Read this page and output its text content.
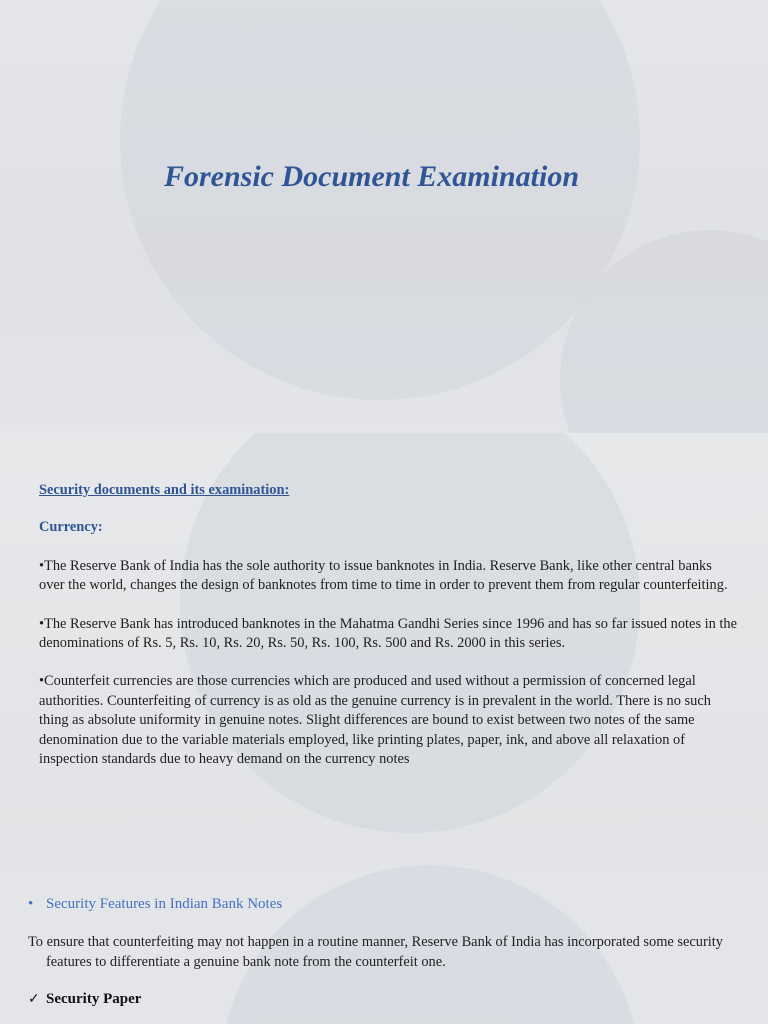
Forensic Document Examination

Security documents and its examination:

Currency:

•The Reserve Bank of India has the sole authority to issue banknotes in India. Reserve Bank, like other central banks over the world, changes the design of banknotes from time to time in order to prevent them from regular counterfeiting.

•The Reserve Bank has introduced banknotes in the Mahatma Gandhi Series since 1996 and has so far issued notes in the denominations of Rs. 5, Rs. 10, Rs. 20, Rs. 50, Rs. 100, Rs. 500 and Rs. 2000 in this series.

•Counterfeit currencies are those currencies which are produced and used without a permission of concerned legal authorities. Counterfeiting of currency is as old as the genuine currency is in prevalent in the world. There is no such thing as absolute uniformity in genuine notes. Slight differences are bound to exist between two notes of the same denomination due to the variable materials employed, like printing plates, paper, ink, and above all relaxation of inspection standards due to heavy demand on the currency notes

• Security Features in Indian Bank Notes

To ensure that counterfeiting may not happen in a routine manner, Reserve Bank of India has incorporated some security features to differentiate a genuine bank note from the counterfeit one.

✓ Security Paper
